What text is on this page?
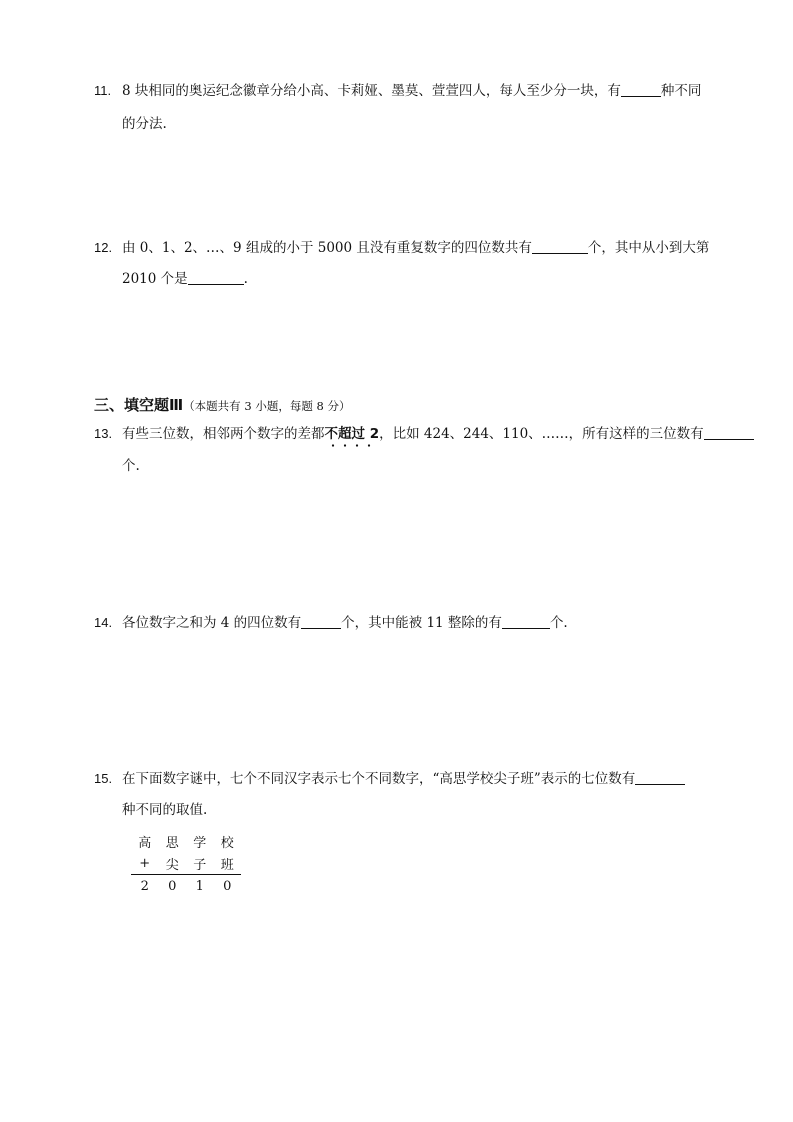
11. 8 块相同的奥运纪念徽章分给小高、卡莉娅、墨莫、萱萱四人，每人至少分一块，有	种不同
的分法.
12. 由 0、1、2、…、9 组成的小于 5000 且没有重复数字的四位数共有	个，其中从小到大第
2010 个是	.
三、填空题Ⅲ（本题共有 3 小题，每题 8 分）
13. 有些三位数，相邻两个数字的差都不超过 2，比如 424、244、110、……，所有这样的三位数有
个.
14. 各位数字之和为 4 的四位数有	个，其中能被 11 整除的有	个.
15. 在下面数字谜中，七个不同汉字表示七个不同数字，“高思学校尖子班”表示的七位数有
种不同的取值.
高	思	学	校
+	尖	子	班
2	0	1	0
